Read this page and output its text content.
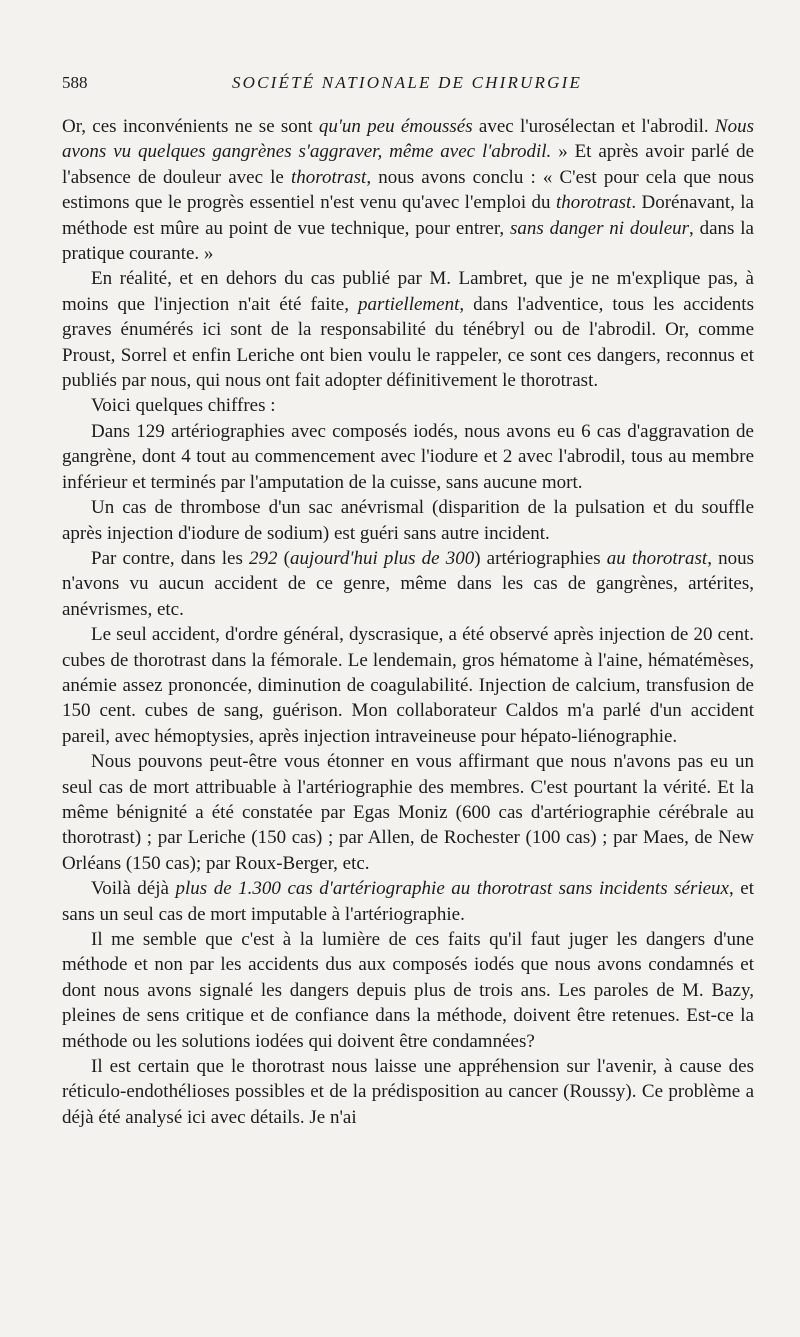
588	SOCIÉTÉ NATIONALE DE CHIRURGIE

Or, ces inconvénients ne se sont qu'un peu émoussés avec l'urosélectan et l'abrodil. Nous avons vu quelques gangrènes s'aggraver, même avec l'abrodil. » Et après avoir parlé de l'absence de douleur avec le thorotrast, nous avons conclu : « C'est pour cela que nous estimons que le progrès essentiel n'est venu qu'avec l'emploi du thorotrast. Dorénavant, la méthode est mûre au point de vue technique, pour entrer, sans danger ni douleur, dans la pratique courante. »

En réalité, et en dehors du cas publié par M. Lambret, que je ne m'explique pas, à moins que l'injection n'ait été faite, partiellement, dans l'adventice, tous les accidents graves énumérés ici sont de la responsabilité du ténébryl ou de l'abrodil. Or, comme Proust, Sorrel et enfin Leriche ont bien voulu le rappeler, ce sont ces dangers, reconnus et publiés par nous, qui nous ont fait adopter définitivement le thorotrast.

Voici quelques chiffres :

Dans 129 artériographies avec composés iodés, nous avons eu 6 cas d'aggravation de gangrène, dont 4 tout au commencement avec l'iodure et 2 avec l'abrodil, tous au membre inférieur et terminés par l'amputation de la cuisse, sans aucune mort.

Un cas de thrombose d'un sac anévrismal (disparition de la pulsation et du souffle après injection d'iodure de sodium) est guéri sans autre incident.

Par contre, dans les 292 (aujourd'hui plus de 300) artériographies au thorotrast, nous n'avons vu aucun accident de ce genre, même dans les cas de gangrènes, artérites, anévrismes, etc.

Le seul accident, d'ordre général, dyscrasique, a été observé après injection de 20 cent. cubes de thorotrast dans la fémorale. Le lendemain, gros hématome à l'aine, hématémèses, anémie assez prononcée, diminution de coagulabilité. Injection de calcium, transfusion de 150 cent. cubes de sang, guérison. Mon collaborateur Caldos m'a parlé d'un accident pareil, avec hémoptysies, après injection intraveineuse pour hépato-liénographie.

Nous pouvons peut-être vous étonner en vous affirmant que nous n'avons pas eu un seul cas de mort attribuable à l'artériographie des membres. C'est pourtant la vérité. Et la même bénignité a été constatée par Egas Moniz (600 cas d'artériographie cérébrale au thorotrast) ; par Leriche (150 cas) ; par Allen, de Rochester (100 cas) ; par Maes, de New Orléans (150 cas); par Roux-Berger, etc.

Voilà déjà plus de 1.300 cas d'artériographie au thorotrast sans incidents sérieux, et sans un seul cas de mort imputable à l'artériographie.

Il me semble que c'est à la lumière de ces faits qu'il faut juger les dangers d'une méthode et non par les accidents dus aux composés iodés que nous avons condamnés et dont nous avons signalé les dangers depuis plus de trois ans. Les paroles de M. Bazy, pleines de sens critique et de confiance dans la méthode, doivent être retenues. Est-ce la méthode ou les solutions iodées qui doivent être condamnées?

Il est certain que le thorotrast nous laisse une appréhension sur l'avenir, à cause des réticulo-endothélioses possibles et de la prédisposition au cancer (Roussy). Ce problème a déjà été analysé ici avec détails. Je n'ai
